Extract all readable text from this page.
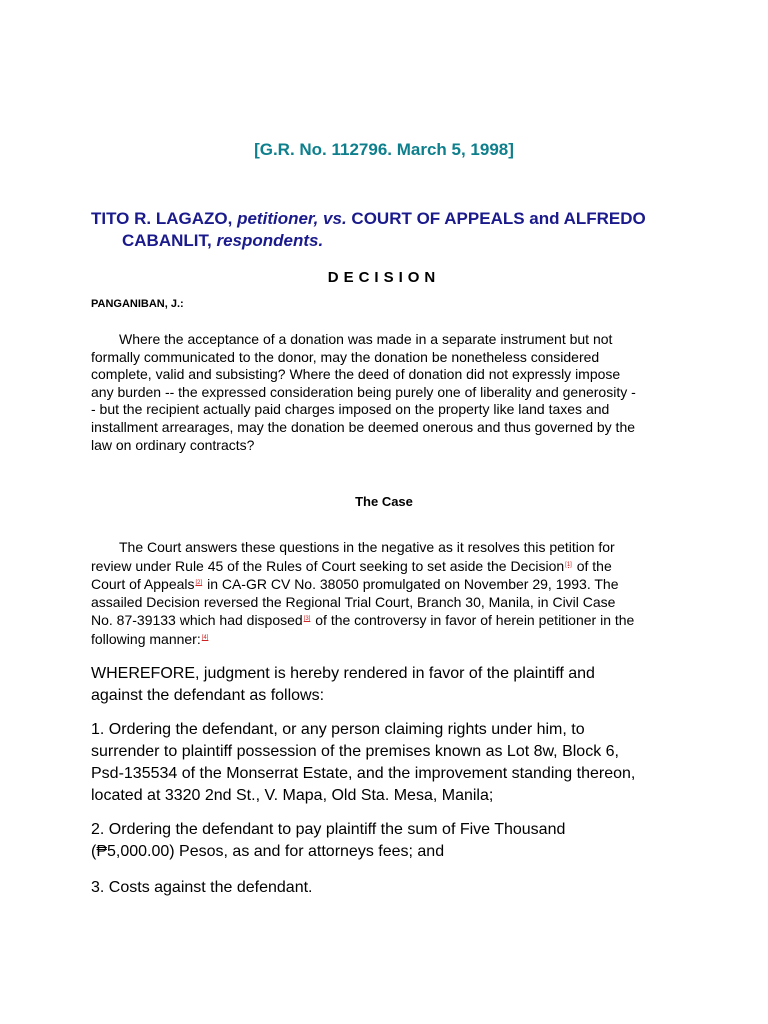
[G.R. No. 112796. March 5, 1998]
TITO R. LAGAZO, petitioner, vs. COURT OF APPEALS and ALFREDO
CABANLIT, respondents.
DECISION
PANGANIBAN, J.:
Where the acceptance of a donation was made in a separate instrument but not
formally communicated to the donor, may the donation be nonetheless considered
complete, valid and subsisting? Where the deed of donation did not expressly impose
any burden -- the expressed consideration being purely one of liberality and generosity -
- but the recipient actually paid charges imposed on the property like land taxes and
installment arrearages, may the donation be deemed onerous and thus governed by the
law on ordinary contracts?
The Case
The Court answers these questions in the negative as it resolves this petition for
review under Rule 45 of the Rules of Court seeking to set aside the Decision[1] of the
Court of Appeals[2] in CA-GR CV No. 38050 promulgated on November 29, 1993. The
assailed Decision reversed the Regional Trial Court, Branch 30, Manila, in Civil Case
No. 87-39133 which had disposed[3] of the controversy in favor of herein petitioner in the
following manner:[4]
WHEREFORE, judgment is hereby rendered in favor of the plaintiff and
against the defendant as follows:
1. Ordering the defendant, or any person claiming rights under him, to
surrender to plaintiff possession of the premises known as Lot 8w, Block 6,
Psd-135534 of the Monserrat Estate, and the improvement standing thereon,
located at 3320 2nd St., V. Mapa, Old Sta. Mesa, Manila;
2. Ordering the defendant to pay plaintiff the sum of Five Thousand
(₱5,000.00) Pesos, as and for attorneys fees; and
3. Costs against the defendant.
